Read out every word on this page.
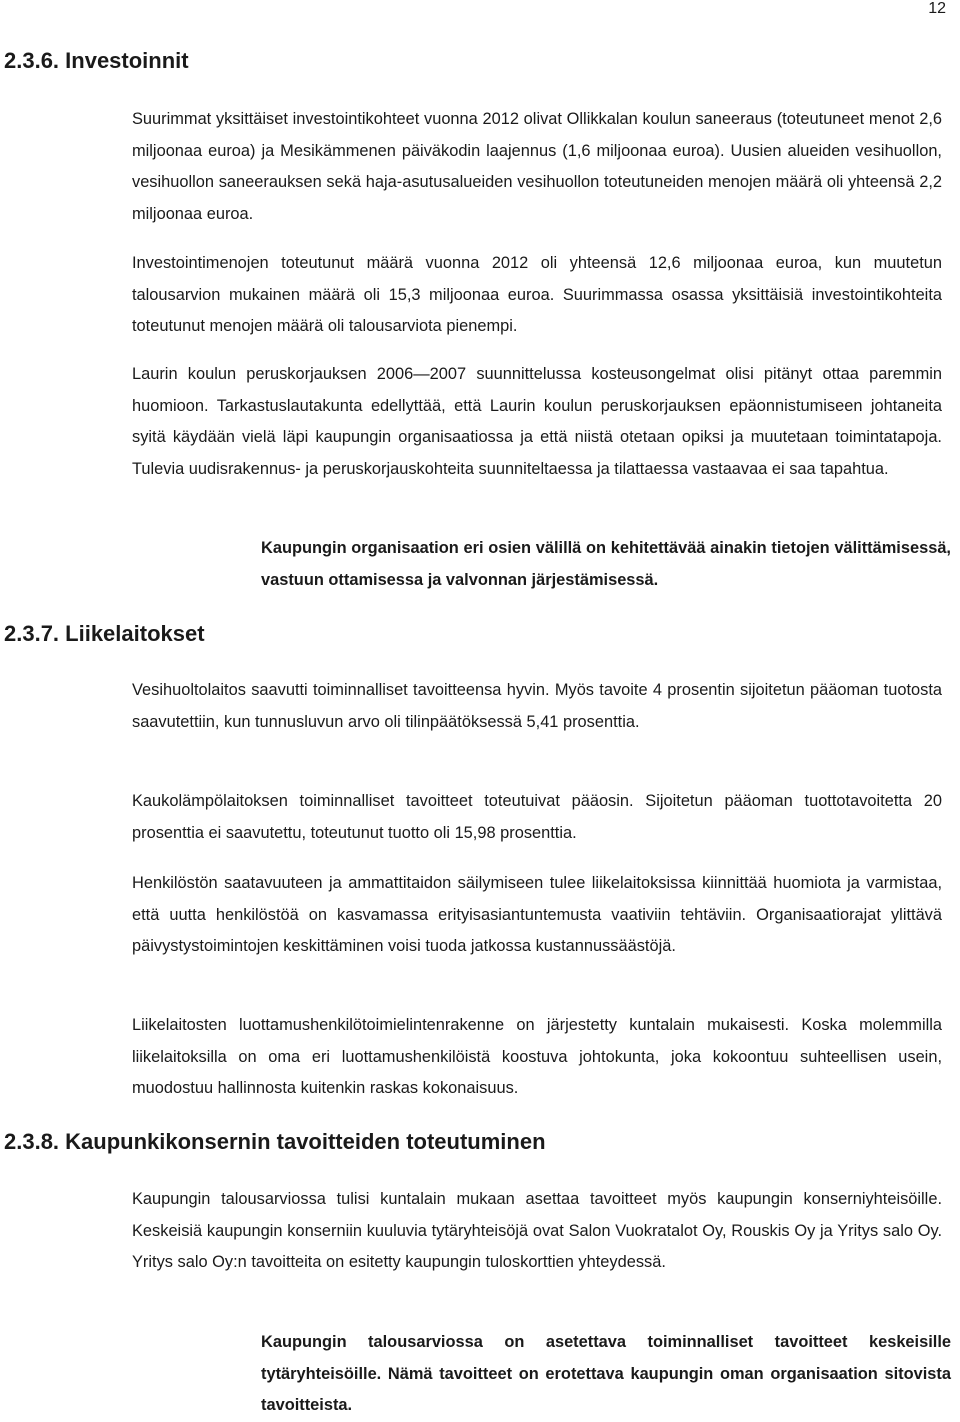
12
2.3.6. Investoinnit
Suurimmat yksittäiset investointikohteet vuonna 2012 olivat Ollikkalan koulun saneeraus (toteutuneet menot 2,6 miljoonaa euroa) ja Mesikämmenen päiväkodin laajennus (1,6 miljoonaa euroa). Uusien alueiden vesihuollon, vesihuollon saneerauksen sekä haja-asutusalueiden vesihuollon toteutuneiden menojen määrä oli yhteensä 2,2 miljoonaa euroa.
Investointimenojen toteutunut määrä vuonna 2012 oli yhteensä 12,6 miljoonaa euroa, kun muutetun talousarvion mukainen määrä oli 15,3 miljoonaa euroa. Suurimmassa osassa yksittäisiä investointikohteita toteutunut menojen määrä oli talousarviota pienempi.
Laurin koulun peruskorjauksen 2006—2007 suunnittelussa kosteusongelmat olisi pitänyt ottaa paremmin huomioon. Tarkastuslautakunta edellyttää, että Laurin koulun peruskorjauksen epäonnistumiseen johtaneita syitä käydään vielä läpi kaupungin organisaatiossa ja että niistä otetaan opiksi ja muutetaan toimintatapoja. Tulevia uudisrakennus- ja peruskorjauskohteita suunniteltaessa ja tilattaessa vastaavaa ei saa tapahtua.
Kaupungin organisaation eri osien välillä on kehitettävää ainakin tietojen välittämisessä, vastuun ottamisessa ja valvonnan järjestämisessä.
2.3.7. Liikelaitokset
Vesihuoltolaitos saavutti toiminnalliset tavoitteensa hyvin. Myös tavoite 4 prosentin sijoitetun pääoman tuotosta saavutettiin, kun tunnusluvun arvo oli tilinpäätöksessä 5,41 prosenttia.
Kaukolämpölaitoksen toiminnalliset tavoitteet toteutuivat pääosin. Sijoitetun pääoman tuottotavoitetta 20 prosenttia ei saavutettu, toteutunut tuotto oli 15,98 prosenttia.
Henkilöstön saatavuuteen ja ammattitaidon säilymiseen tulee liikelaitoksissa kiinnittää huomiota ja varmistaa, että uutta henkilöstöä on kasvamassa erityisasiantuntemusta vaativiin tehtäviin. Organisaatiorajat ylittävä päivystystoimintojen keskittäminen voisi tuoda jatkossa kustannussäästöjä.
Liikelaitosten luottamushenkilötoimielintenrakenne on järjestetty kuntalain mukaisesti. Koska molemmilla liikelaitoksilla on oma eri luottamushenkilöistä koostuva johtokunta, joka kokoontuu suhteellisen usein, muodostuu hallinnosta kuitenkin raskas kokonaisuus.
2.3.8. Kaupunkikonsernin tavoitteiden toteutuminen
Kaupungin talousarviossa tulisi kuntalain mukaan asettaa tavoitteet myös kaupungin konserniyhteisöille. Keskeisiä kaupungin konserniin kuuluvia tytäryhteisöjä ovat Salon Vuokratalot Oy, Rouskis Oy ja Yritys salo Oy. Yritys salo Oy:n tavoitteita on esitetty kaupungin tuloskorttien yhteydessä.
Kaupungin talousarviossa on asetettava toiminnalliset tavoitteet keskeisille tytäryhteisöille. Nämä tavoitteet on erotettava kaupungin oman organisaation sitovista tavoitteista.
